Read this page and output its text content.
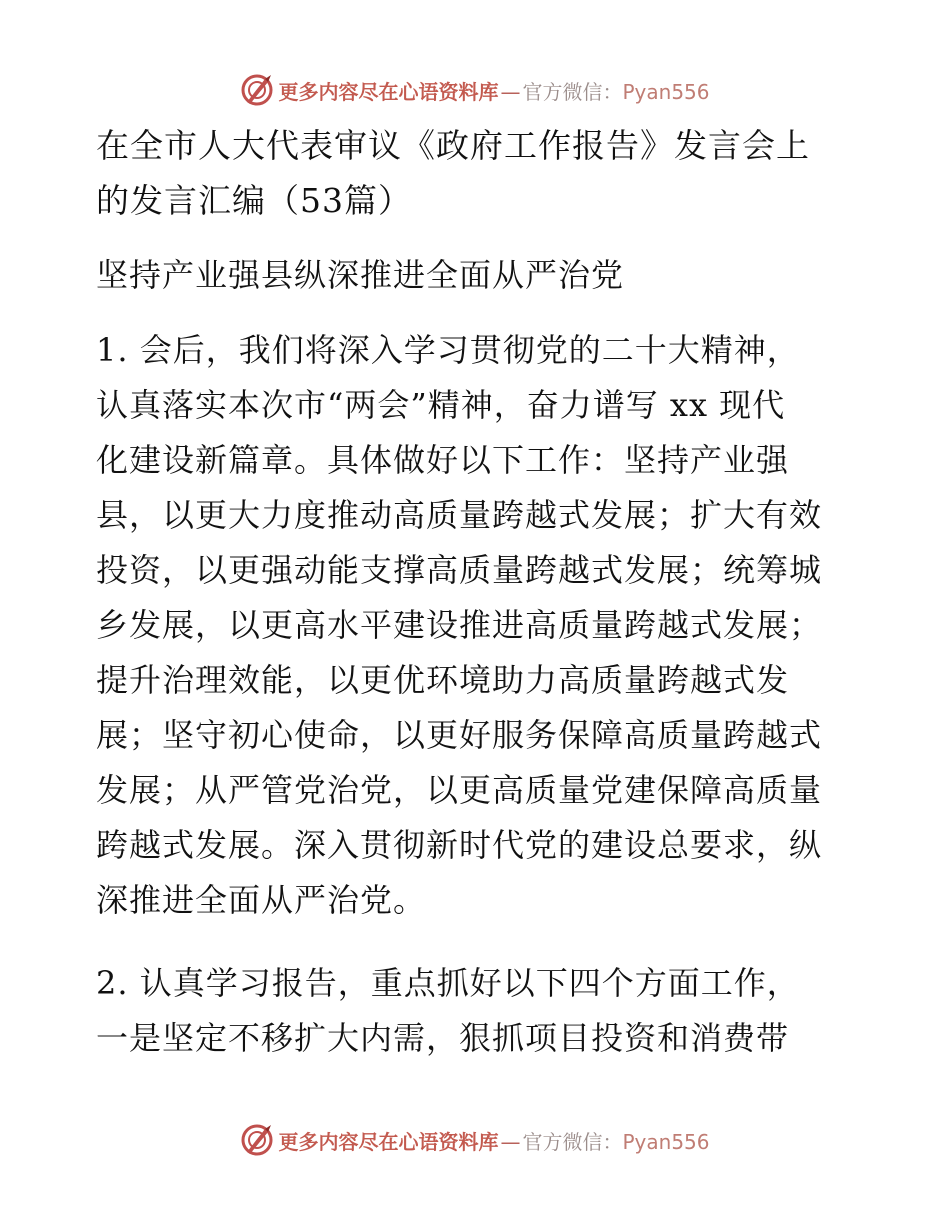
更多内容尽在心语资料库 — 官方微信：Pyan556
在全市人大代表审议《政府工作报告》发言会上
的发言汇编（53篇）
坚持产业强县纵深推进全面从严治党
1. 会后，我们将深入学习贯彻党的二十大精神，
认真落实本次市“两会”精神，奋力谱写 xx 现代
化建设新篇章。具体做好以下工作：坚持产业强
县，以更大力度推动高质量跨越式发展；扩大有效
投资，以更强动能支撑高质量跨越式发展；统筹城
乡发展，以更高水平建设推进高质量跨越式发展；
提升治理效能，以更优环境助力高质量跨越式发
展；坚守初心使命，以更好服务保障高质量跨越式
发展；从严管党治党，以更高质量党建保障高质量
跨越式发展。深入贯彻新时代党的建设总要求，纵
深推进全面从严治党。
2. 认真学习报告，重点抓好以下四个方面工作，
一是坚定不移扩大内需，狠抓项目投资和消费带
更多内容尽在心语资料库 — 官方微信：Pyan556
